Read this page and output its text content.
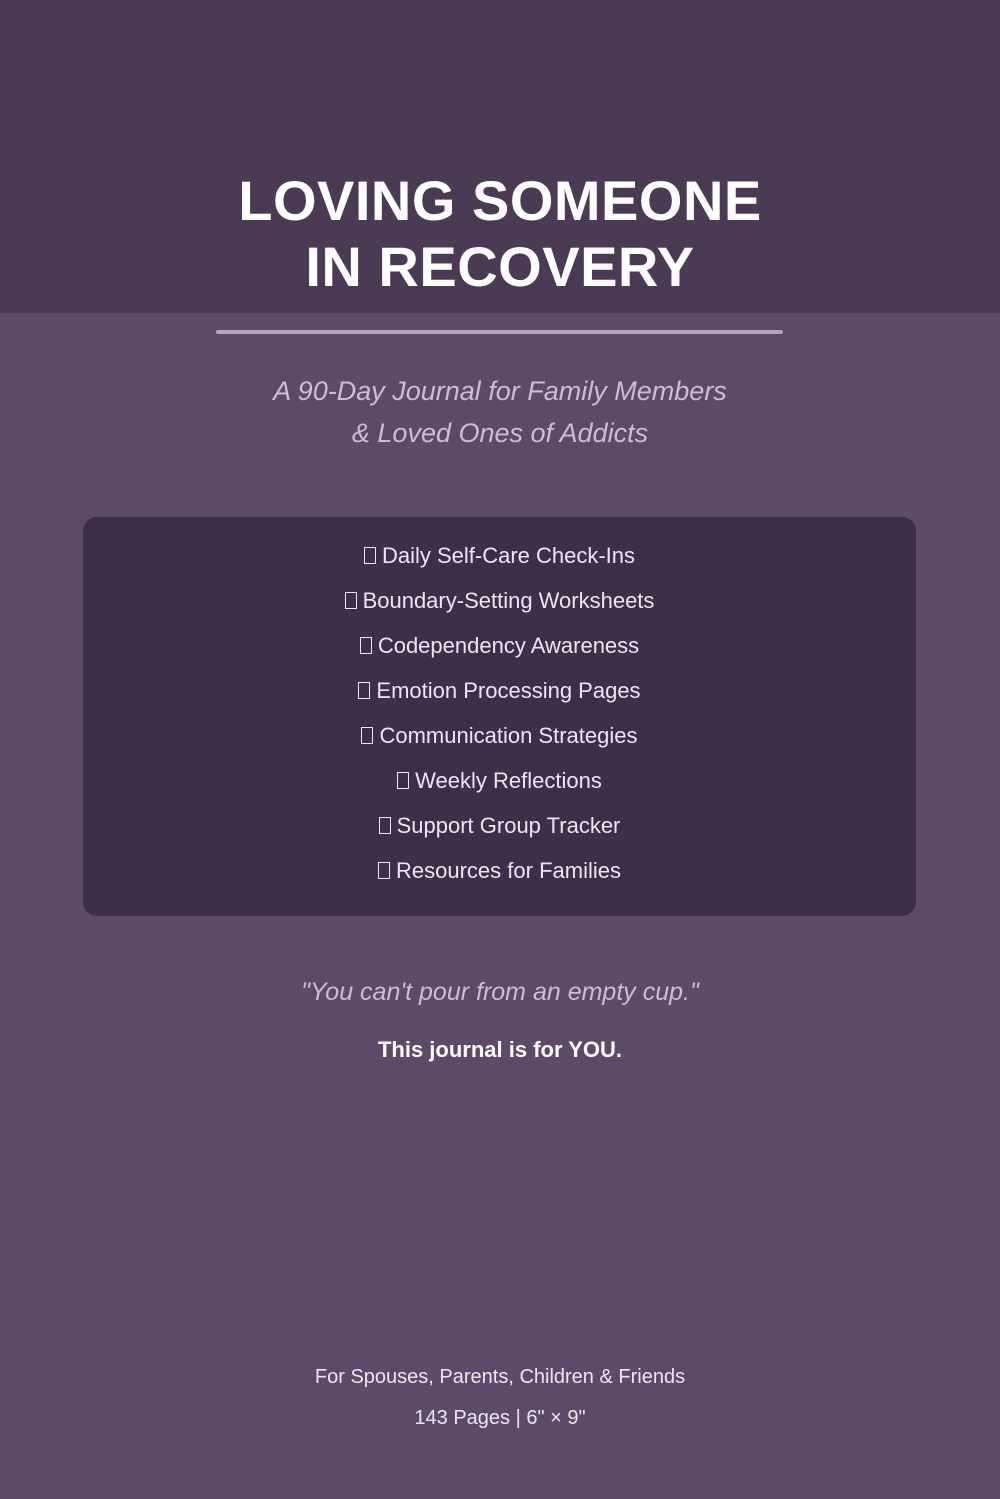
LOVING SOMEONE
IN RECOVERY
A 90-Day Journal for Family Members
& Loved Ones of Addicts
Daily Self-Care Check-Ins
Boundary-Setting Worksheets
Codependency Awareness
Emotion Processing Pages
Communication Strategies
Weekly Reflections
Support Group Tracker
Resources for Families
"You can't pour from an empty cup."
This journal is for YOU.
For Spouses, Parents, Children & Friends
143 Pages | 6" × 9"
